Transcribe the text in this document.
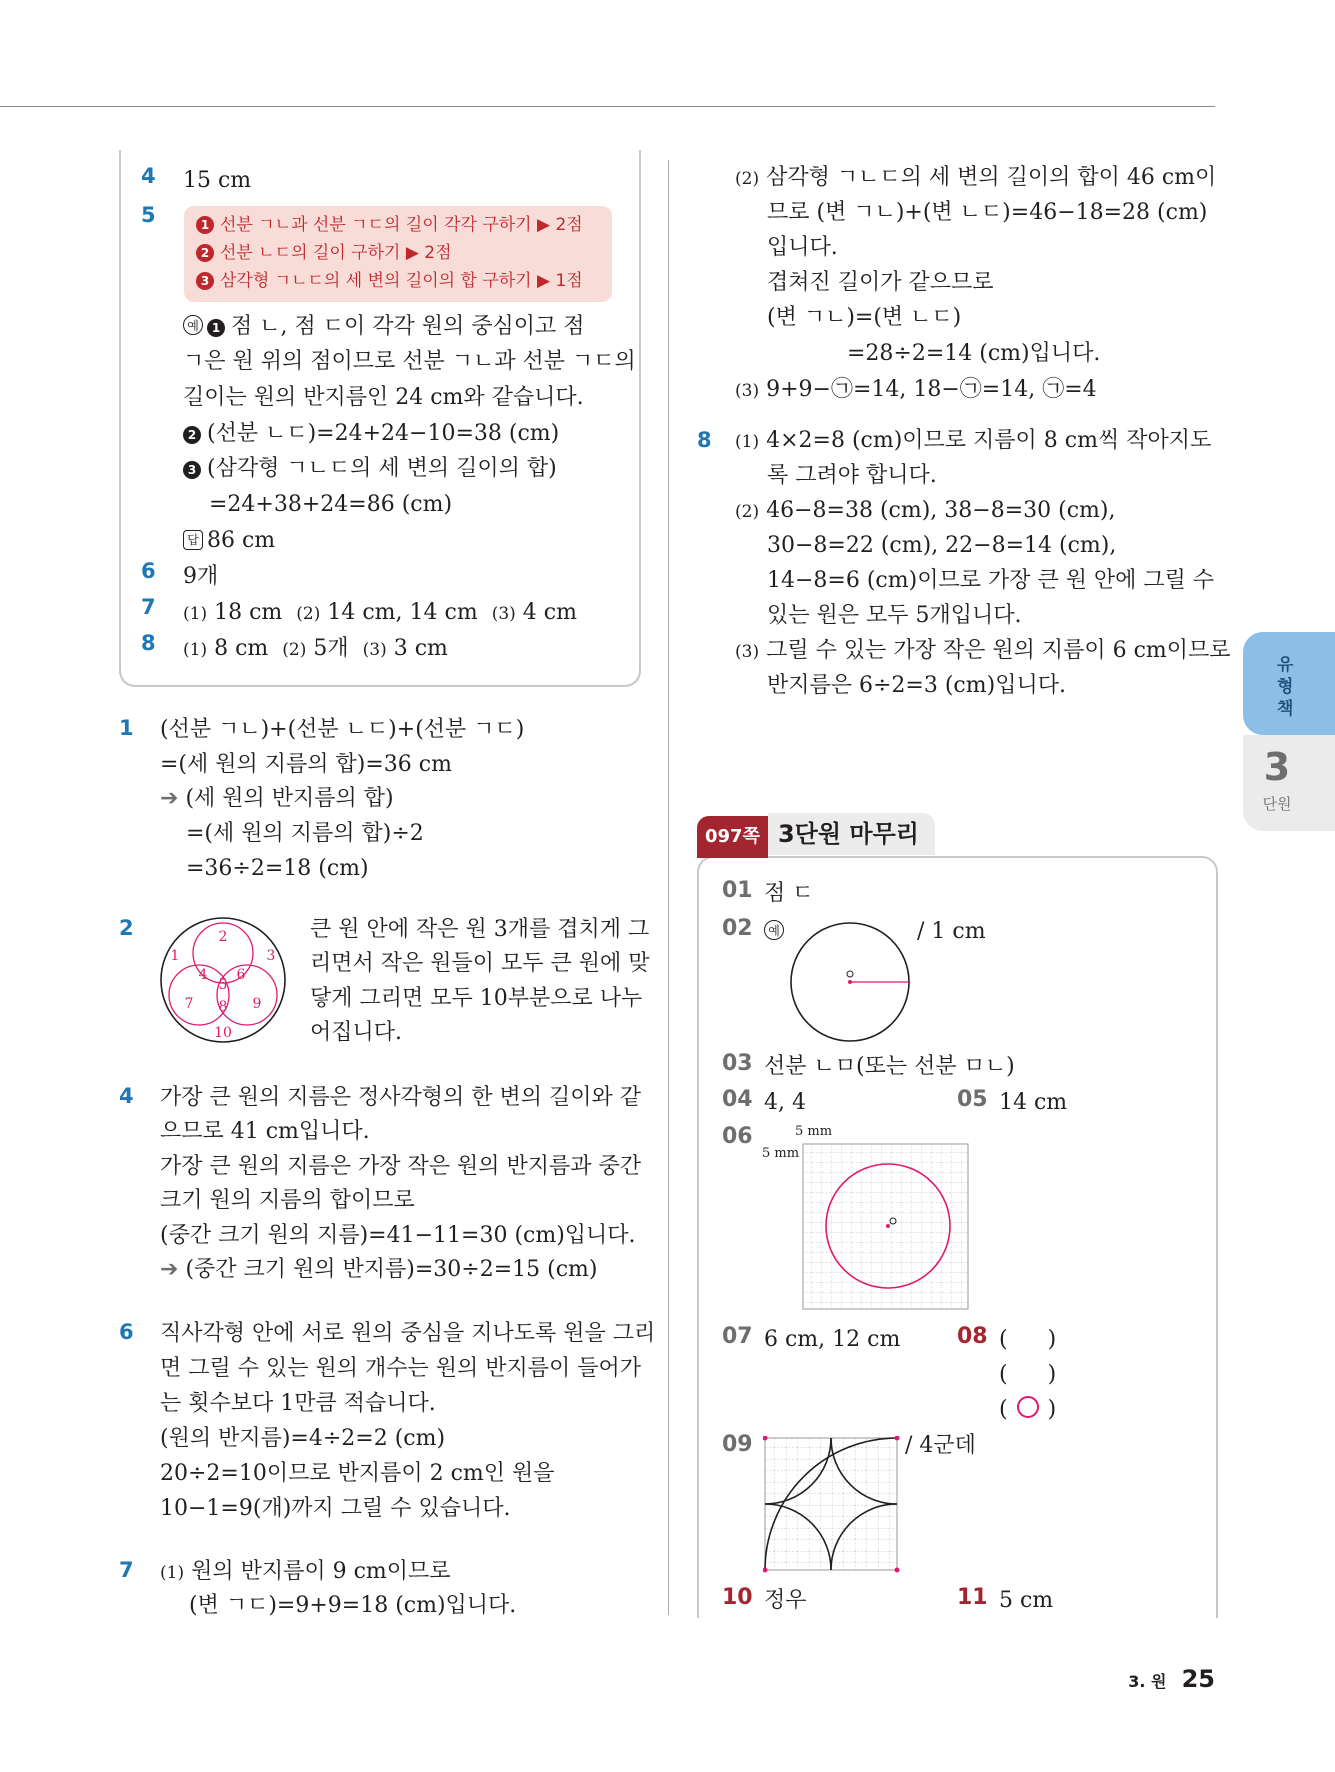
4 15 cm
5	1 선분 ㄱㄴ과 선분 ㄱㄷ의 길이 각각 구하기 ▶ 2점
2 선분 ㄴㄷ의 길이 구하기 ▶ 2점
3 삼각형 ㄱㄴㄷ의 세 변의 길이의 합 구하기 ▶ 1점
예 1 점 ㄴ, 점 ㄷ이 각각 원의 중심이고 점
ㄱ은 원 위의 점이므로 선분 ㄱㄴ과 선분 ㄱㄷ의
길이는 원의 반지름인 24 cm와 같습니다.
2 (선분 ㄴㄷ)=24+24−10=38 (cm)
3 (삼각형 ㄱㄴㄷ의 세 변의 길이의 합)
=24+38+24=86 (cm)
답 86 cm
6 9개
7 (1) 18 cm (2) 14 cm, 14 cm (3) 4 cm
8 (1) 8 cm (2) 5개 (3) 3 cm
1 (선분 ㄱㄴ)+(선분 ㄴㄷ)+(선분 ㄱㄷ)
=(세 원의 지름의 합)=36 cm
➔ (세 원의 반지름의 합)
=(세 원의 지름의 합)÷2
=36÷2=18 (cm)
2
1
2
3
4
5
6
7 8 9
10
큰 원 안에 작은 원 3개를 겹치게 그
리면서 작은 원들이 모두 큰 원에 맞
닿게 그리면 모두 10부분으로 나누
어집니다.
4 가장 큰 원의 지름은 정사각형의 한 변의 길이와 같
으므로 41 cm입니다.
가장 큰 원의 지름은 가장 작은 원의 반지름과 중간
크기 원의 지름의 합이므로
(중간 크기 원의 지름)=41−11=30 (cm)입니다.
➔ (중간 크기 원의 반지름)=30÷2=15 (cm)
6 직사각형 안에 서로 원의 중심을 지나도록 원을 그리
면 그릴 수 있는 원의 개수는 원의 반지름이 들어가
는 횟수보다 1만큼 적습니다.
(원의 반지름)=4÷2=2 (cm)
20÷2=10이므로 반지름이 2 cm인 원을
10−1=9(개)까지 그릴 수 있습니다.
7 (1) 원의 반지름이 9 cm이므로
(변 ㄱㄷ)=9+9=18 (cm)입니다.
(2) 삼각형 ㄱㄴㄷ의 세 변의 길이의 합이 46 cm이
므로 (변 ㄱㄴ)+(변 ㄴㄷ)=46−18=28 (cm)
입니다.
겹쳐진 길이가 같으므로
(변 ㄱㄴ)=(변 ㄴㄷ)
=28÷2=14 (cm)입니다.
(3) 9+9−㉠=14, 18−㉠=14, ㉠=4
8 (1) 4×2=8 (cm)이므로 지름이 8 cm씩 작아지도
록 그려야 합니다.
(2) 46−8=38 (cm), 38−8=30 (cm),
30−8=22 (cm), 22−8=14 (cm),
14−8=6 (cm)이므로 가장 큰 원 안에 그릴 수
있는 원은 모두 5개입니다.
(3) 그릴 수 있는 가장 작은 원의 지름이 6 cm이므로
반지름은 6÷2=3 (cm)입니다.
097쪽 3단원 마무리
01 점 ㄷ
02	예	/ 1 cm
03 선분 ㄴㅁ(또는 선분 ㅁㄴ)
04 4, 4	05 14 cm
06	5 mm
5 mm
07 6 cm, 12 cm	08 ( )
( )
( )
09	/ 4군데
10 정우	11 5 cm
유형책
3
단원
3. 원 25
